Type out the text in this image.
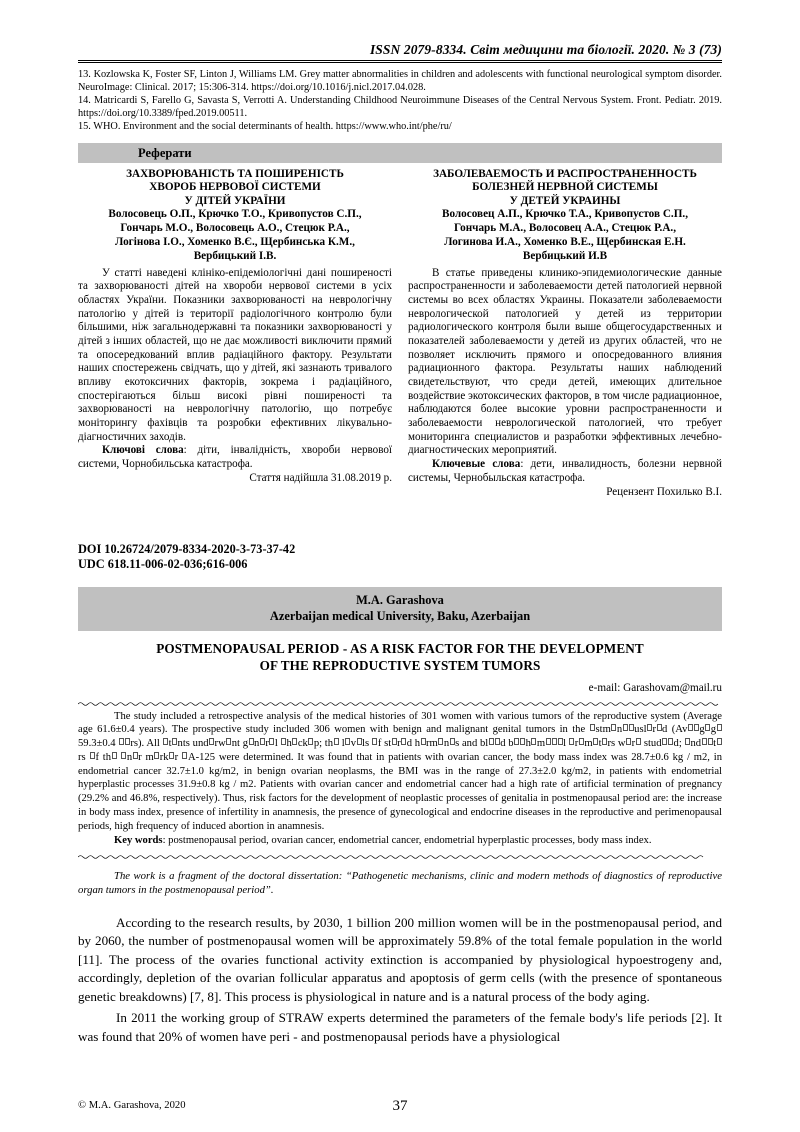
ISSN 2079-8334. Світ медицини та біології. 2020. № 3 (73)

13. Kozlowska K, Foster SF, Linton J, Williams LM. Grey matter abnormalities in children and adolescents with functional neurological symptom disorder. NeuroImage: Clinical. 2017; 15:306-314. https://doi.org/10.1016/j.nicl.2017.04.028.

14. Matricardi S, Farello G, Savasta S, Verrotti A. Understanding Childhood Neuroimmune Diseases of the Central Nervous System. Front. Pediatr. 2019. https://doi.org/10.3389/fped.2019.00511.

15. WHO. Environment and the social determinants of health. https://www.who.int/phe/ru/

Реферати
ЗАХВОРЮВАНІСТЬ ТА ПОШИРЕНІСТЬ
ХВОРОБ НЕРВОВОЇ СИСТЕМИ
У ДІТЕЙ УКРАЇНИ
Волосовець О.П., Крючко Т.О., Кривопустов С.П.,
Гончарь М.О., Волосовець А.О., Стецюк Р.А.,
Логінова І.О., Хоменко В.Є., Щербинська К.М.,
Вербицький І.В.
У статті наведені клініко-епідеміологічні дані поширеності та захворюваності дітей на хвороби нервової системи в усіх областях України. Показники захворюваності на неврологічну патологію у дітей із території радіологічного контролю були більшими, ніж загальнодержавні та показники захворюваності у дітей з інших областей, що не дає можливості виключити прямий та опосередкований вплив радіаційного фактору. Результати наших спостережень свідчать, що у дітей, які зазнають тривалого впливу екотоксичних факторів, зокрема і радіаційного, спостерігаються більш високі рівні поширеності та захворюваності на неврологічну патологію, що потребує моніторингу фахівців та розробки ефективних лікувально-діагностичних заходів.
Ключові слова: діти, інвалідність, хвороби нервової системи, Чорнобильська катастрофа.
Стаття надійшла 31.08.2019 р.
ЗАБОЛЕВАЕМОСТЬ И РАСПРОСТРАНЕННОСТЬ
БОЛЕЗНЕЙ НЕРВНОЙ СИСТЕМЫ
У ДЕТЕЙ УКРАИНЫ
Волосовец А.П., Крючко Т.А., Кривопустов С.П.,
Гончарь М.А., Волосовец А.А., Стецюк Р.А.,
Логинова И.А., Хоменко В.Е., Щербинская Е.Н.
Вербицький И.В
В статье приведены клинико-эпидемиологические данные распространенности и заболеваемости детей патологией нервной системы во всех областях Украины. Показатели заболеваемости неврологической патологией у детей из территории радиологического контроля были выше общегосударственных и показателей заболеваемости у детей из других областей, что не позволяет исключить прямого и опосредованного влияния радиационного фактора. Результаты наших наблюдений свидетельствуют, что среди детей, имеющих длительное воздействие экотоксических факторов, в том числе радиационное, наблюдаются более высокие уровни распространенности и заболеваемости неврологической патологией, что требует мониторинга специалистов и разработки эффективных лечебно-диагностических мероприятий.
Ключевые слова: дети, инвалидность, болезни нервной системы, Чернобыльская катастрофа.
Рецензент Похилько В.І.
DOI 10.26724/2079-8334-2020-3-73-37-42
UDC 618.11-006-02-036;616-006
M.A. Garashova
Azerbaijan medical University, Baku, Azerbaijan
POSTMENOPAUSAL PERIOD - AS A RISK FACTOR FOR THE DEVELOPMENT
OF THE REPRODUCTIVE SYSTEM TUMORS
e-mail: Garashovam@mail.ru
The study included a retrospective analysis of the medical histories of 301 women with various tumors of the reproductive system (Average age 61.6±0.4 years). The prospective study included 306 women with benign and malignant genital tumors in the stm n usl r d (Av g g59.3±0.4 rs). All t nts und rw nt g n r l h ck p; th l v ls f st r d h rm n s and bl d b h m l r m t rs w r stud d; nd trs f th n r m rk r A-125 were determined. It was found that in patients with ovarian cancer, the body mass index was 28.7±0.6 kg / m2, in endometrial cancer 32.7±1.0 kg/m2, in benign ovarian neoplasms, the BMI was in the range of 27.3±2.0 kg/m2, in patients with endometrial hyperplastic processes 31.9±0.8 kg / m2. Patients with ovarian cancer and endometrial cancer had a high rate of artificial termination of pregnancy (29.2% and 46.8%, respectively). Thus, risk factors for the development of neoplastic processes of genitalia in postmenopausal period are: the increase in body mass index, presence of infertility in anamnesis, the presence of gynecological and endocrine diseases in the reproductive and perimenopausal periods, high frequency of induced abortion in anamnesis.
Key words: postmenopausal period, ovarian cancer, endometrial cancer, endometrial hyperplastic processes, body mass index.
The work is a fragment of the doctoral dissertation: “Pathogenetic mechanisms, clinic and modern methods of diagnostics of reproductive organ tumors in the postmenopausal period”.
According to the research results, by 2030, 1 billion 200 million women will be in the postmenopausal period, and by 2060, the number of postmenopausal women will be approximately 59.8% of the total female population in the world [11]. The process of the ovaries functional activity extinction is accompanied by physiological hypoestrogeny and, accordingly, depletion of the ovarian follicular apparatus and apoptosis of germ cells (with the presence of spontaneous genetic breakdowns) [7, 8]. This process is physiological in nature and is a natural process of the body aging.
In 2011 the working group of STRAW experts determined the parameters of the female body's life periods [2]. It was found that 20% of women have peri - and postmenopausal periods have a physiological
© M.A. Garashova, 2020	37
